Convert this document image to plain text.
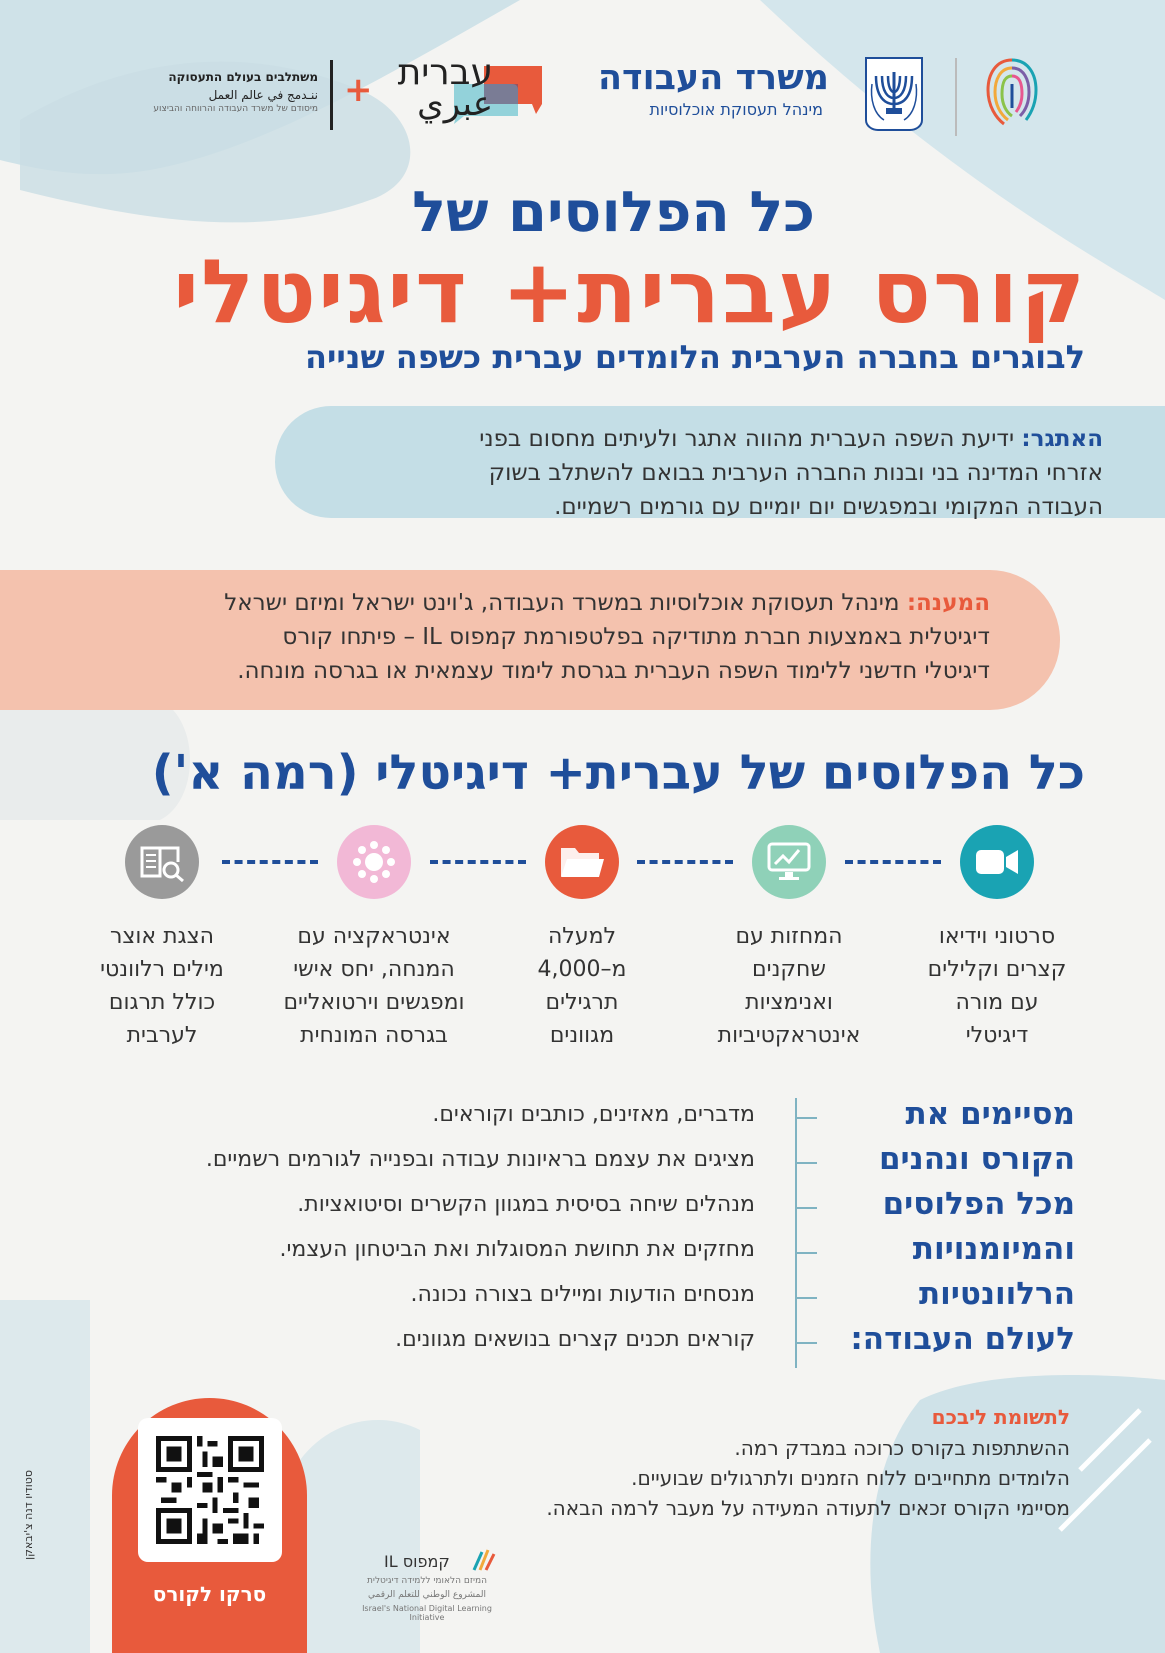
משרד העבודה
מינהל תעסוקת אוכלוסיות
עברית
عبري
+
משתלבים בעולם התעסוקה
ننـدمج في عالم العمل
מיסודם של משרד העבודה והרווחה והביצוע
כל הפלוסים של
קורס עברית+ דיגיטלי
לבוגרים בחברה הערבית הלומדים עברית כשפה שנייה
האתגר: ידיעת השפה העברית מהווה אתגר ולעיתים מחסום בפני
אזרחי המדינה בני ובנות החברה הערבית בבואם להשתלב בשוק
העבודה המקומי ובמפגשים יום יומיים עם גורמים רשמיים.
המענה: מינהל תעסוקת אוכלוסיות במשרד העבודה, ג'וינט ישראל ומיזם ישראל
דיגיטלית באמצעות חברת מתודיקה בפלטפורמת קמפוס IL – פיתחו קורס
דיגיטלי חדשני ללימוד השפה העברית בגרסת לימוד עצמאית או בגרסה מונחה.
כל הפלוסים של עברית+ דיגיטלי (רמה א')
סרטוני וידיאו
קצרים וקלילים
עם מורה
דיגיטלי
המחזות עם
שחקנים
ואנימציות
אינטראקטיביות
למעלה
מ–4,000
תרגילים
מגוונים
אינטראקציה עם
המנחה, יחס אישי
ומפגשים וירטואליים
בגרסה המונחית
הצגת אוצר
מילים רלוונטי
כולל תרגום
לערבית
מסיימים את
הקורס ונהנים
מכל הפלוסים
והמיומנויות
הרלוונטיות
לעולם העבודה:
מדברים, מאזינים, כותבים וקוראים.
מציגים את עצמם בראיונות עבודה ובפנייה לגורמים רשמיים.
מנהלים שיחה בסיסית במגוון הקשרים וסיטואציות.
מחזקים את תחושת המסוגלות ואת הביטחון העצמי.
מנסחים הודעות ומיילים בצורה נכונה.
קוראים תכנים קצרים בנושאים מגוונים.
לתשומת ליבכם
ההשתתפות בקורס כרוכה במבדק רמה.
הלומדים מתחייבים ללוח הזמנים ולתרגולים שבועיים.
מסיימי הקורס זכאים לתעודה המעידה על מעבר לרמה הבאה.
סרקו לקורס
סטודיו דנה צ'יבאקן
קמפוס IL
המיזם הלאומי ללמידה דיגיטלית
المشروع الوطني للتعلم الرقمي
Israel's National Digital Learning Initiative
